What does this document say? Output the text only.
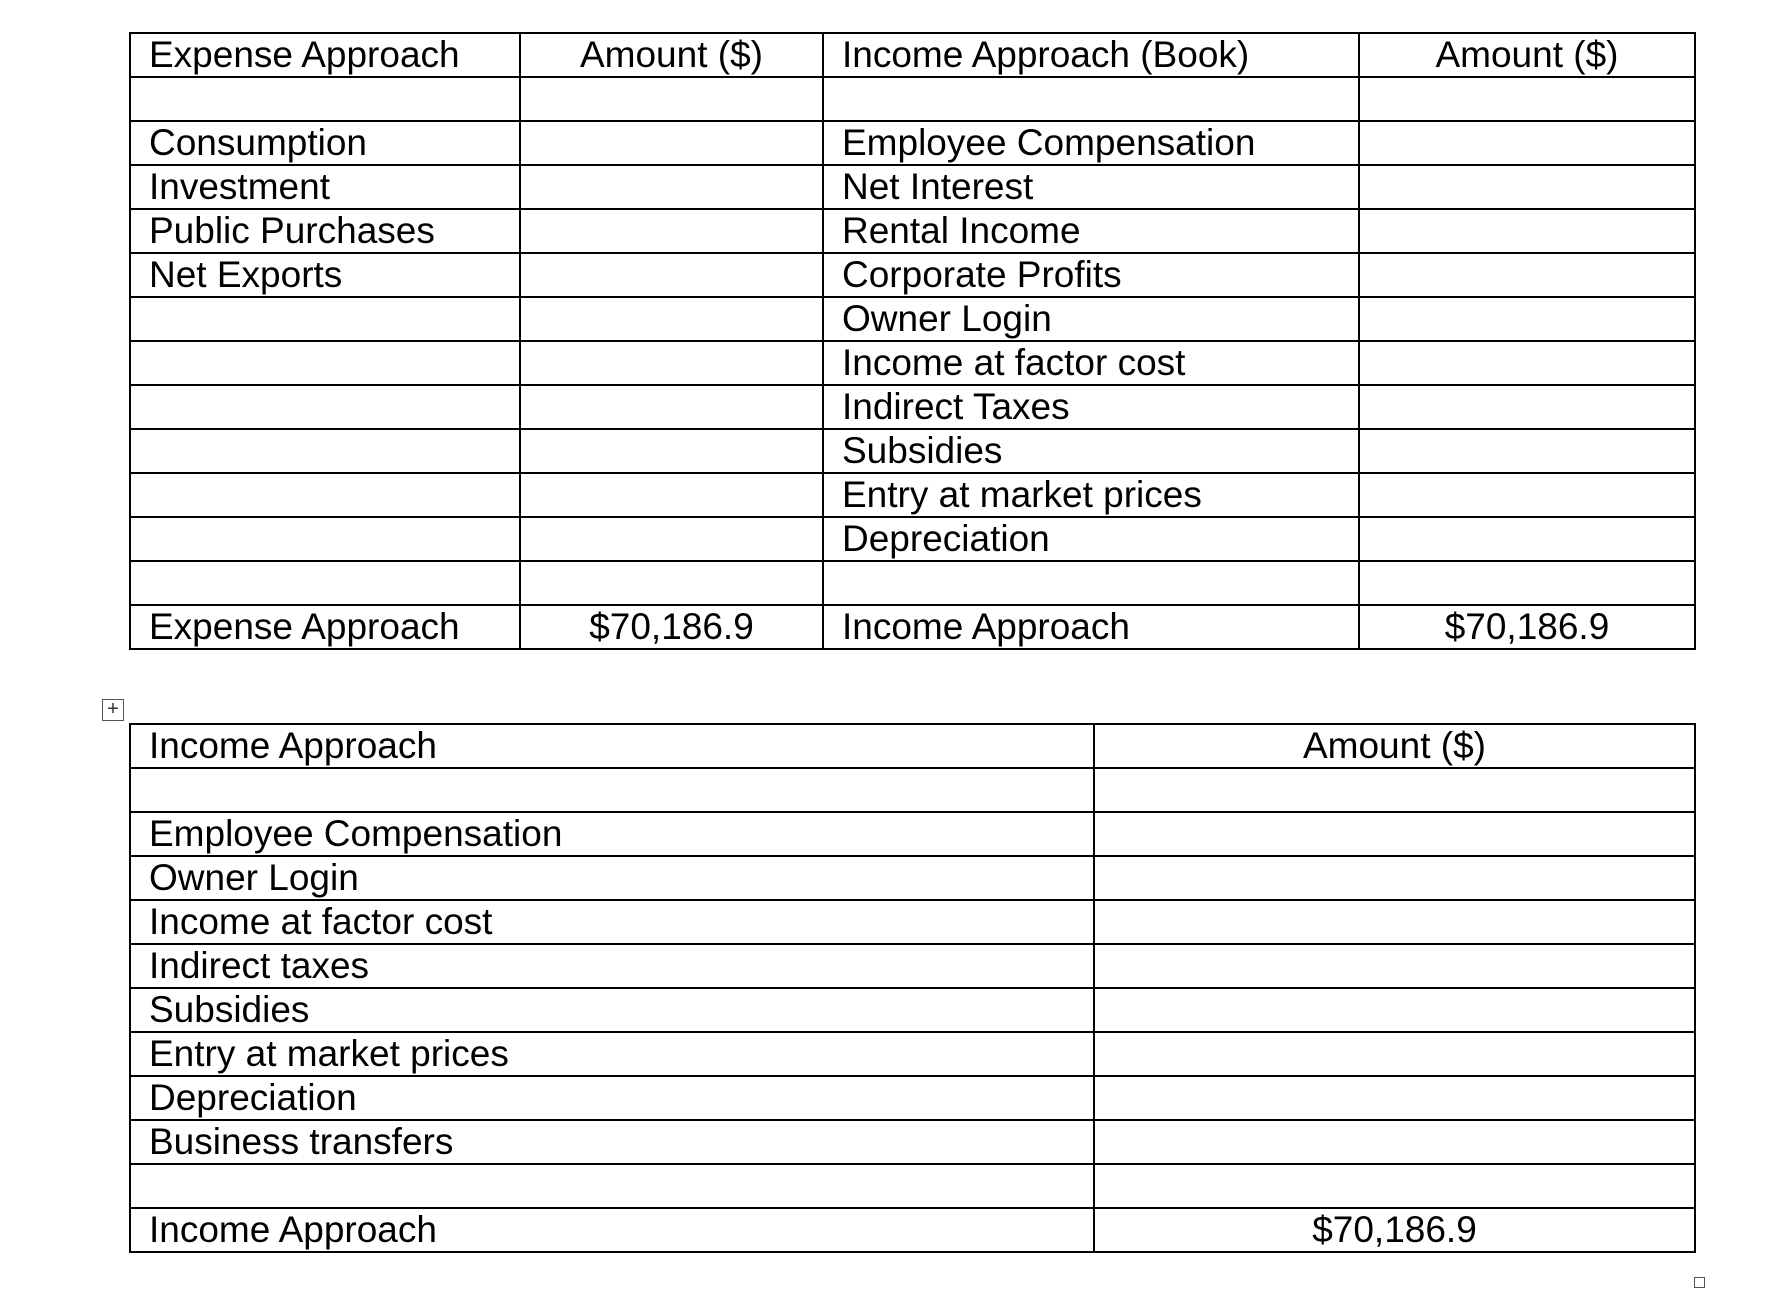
Expense Approach	Amount ($)	Income Approach (Book)	Amount ($)

Consumption		Employee Compensation	
Investment		Net Interest	
Public Purchases		Rental Income	
Net Exports		Corporate Profits	
		Owner Login	
		Income at factor cost	
		Indirect Taxes	
		Subsidies	
		Entry at market prices	
		Depreciation	

Expense Approach	$70,186.9	Income Approach	$70,186.9
+
Income Approach	Amount ($)

Employee Compensation	
Owner Login	
Income at factor cost	
Indirect taxes	
Subsidies	
Entry at market prices	
Depreciation	
Business transfers	

Income Approach	$70,186.9
